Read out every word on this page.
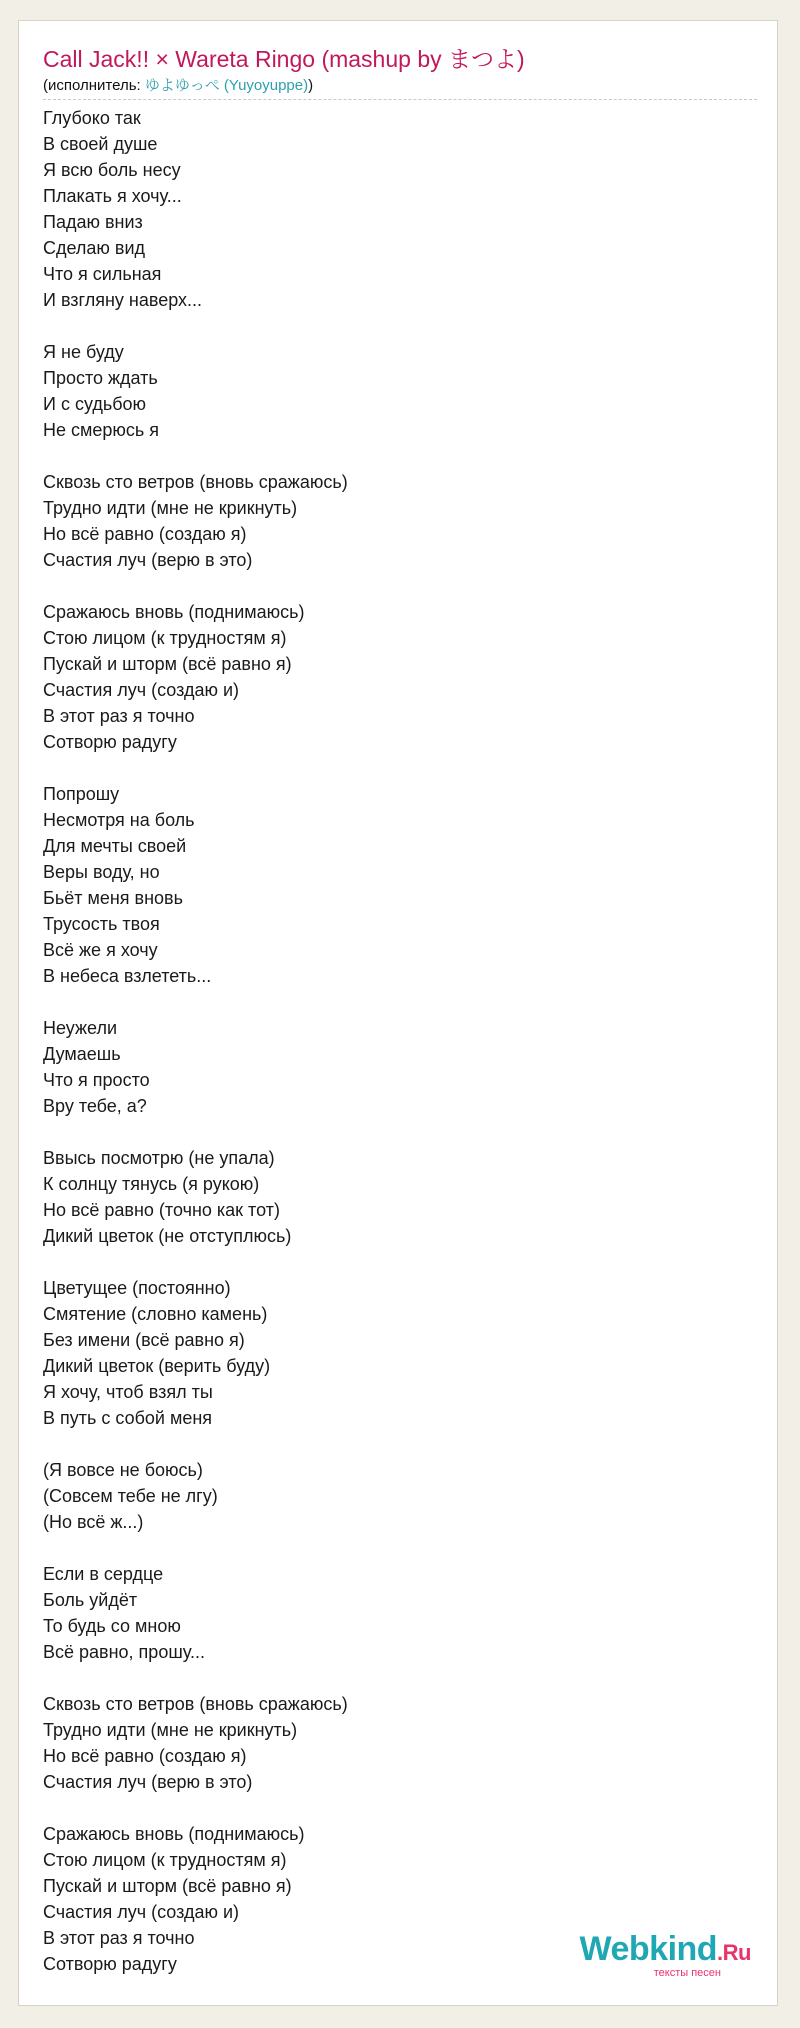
Call Jack!! × Wareta Ringo (mashup by まつよ)
(исполнитель: ゆよゆっぺ (Yuyoyuppe))
Глубоко так
В своей душе
Я всю боль несу
Плакать я хочу...
Падаю вниз
Сделаю вид
Что я сильная
И взгляну наверх...
Я не буду
Просто ждать
И с судьбою
Не смерюсь я
Сквозь сто ветров (вновь сражаюсь)
Трудно идти (мне не крикнуть)
Но всё равно (создаю я)
Счастия луч (верю в это)
Сражаюсь вновь (поднимаюсь)
Стою лицом (к трудностям я)
Пускай и шторм (всё равно я)
Счастия луч (создаю и)
В этот раз я точно
Сотворю радугу
Попрошу
Несмотря на боль
Для мечты своей
Веры воду, но
Бьёт меня вновь
Трусость твоя
Всё же я хочу
В небеса взлететь...
Неужели
Думаешь
Что я просто
Вру тебе, а?
Ввысь посмотрю (не упала)
К солнцу тянусь (я рукою)
Но всё равно (точно как тот)
Дикий цветок (не отступлюсь)
Цветущее (постоянно)
Смятение (словно камень)
Без имени (всё равно я)
Дикий цветок (верить буду)
Я хочу, чтоб взял ты
В путь с собой меня
(Я вовсе не боюсь)
(Совсем тебе не лгу)
(Но всё ж...)
Если в сердце
Боль уйдёт
То будь со мною
Всё равно, прошу...
Сквозь сто ветров (вновь сражаюсь)
Трудно идти (мне не крикнуть)
Но всё равно (создаю я)
Счастия луч (верю в это)
Сражаюсь вновь (поднимаюсь)
Стою лицом (к трудностям я)
Пускай и шторм (всё равно я)
Счастия луч (создаю и)
В этот раз я точно
Сотворю радугу	Webkind.Ru
тексты песен
